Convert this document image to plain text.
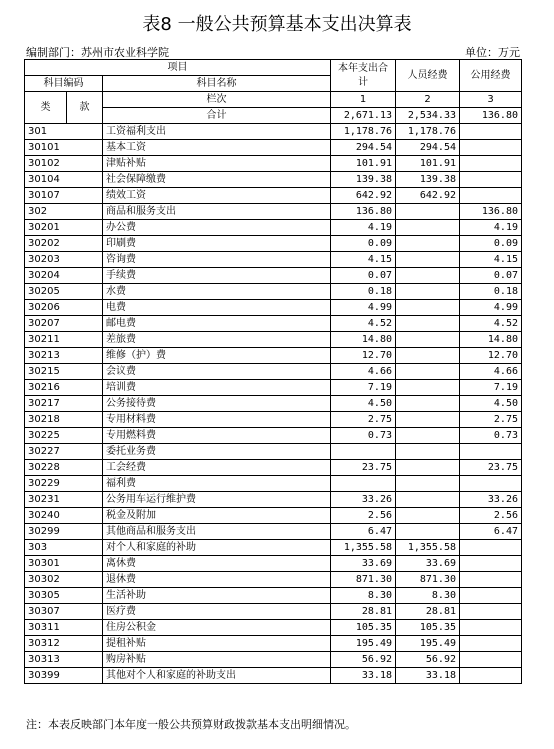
表8 一般公共预算基本支出决算表
编制部门：苏州市农业科学院	单位：万元
项目			本年支出合计	人员经费	公用经费
科目编码		科目名称			
类	款	栏次	1	2	3
		合计	2,671.13	2,534.33	136.80
301		工资福利支出	1,178.76	1,178.76	
30101		基本工资	294.54	294.54	
30102		津贴补贴	101.91	101.91	
30104		社会保障缴费	139.38	139.38	
30107		绩效工资	642.92	642.92	
302		商品和服务支出	136.80		136.80
30201		办公费	4.19		4.19
30202		印刷费	0.09		0.09
30203		咨询费	4.15		4.15
30204		手续费	0.07		0.07
30205		水费	0.18		0.18
30206		电费	4.99		4.99
30207		邮电费	4.52		4.52
30211		差旅费	14.80		14.80
30213		维修（护）费	12.70		12.70
30215		会议费	4.66		4.66
30216		培训费	7.19		7.19
30217		公务接待费	4.50		4.50
30218		专用材料费	2.75		2.75
30225		专用燃料费	0.73		0.73
30227		委托业务费			
30228		工会经费	23.75		23.75
30229		福利费			
30231		公务用车运行维护费	33.26		33.26
30240		税金及附加	2.56		2.56
30299		其他商品和服务支出	6.47		6.47
303		对个人和家庭的补助	1,355.58	1,355.58	
30301		离休费	33.69	33.69	
30302		退休费	871.30	871.30	
30305		生活补助	8.30	8.30	
30307		医疗费	28.81	28.81	
30311		住房公积金	105.35	105.35	
30312		提租补贴	195.49	195.49	
30313		购房补贴	56.92	56.92	
30399		其他对个人和家庭的补助支出	33.18	33.18	
注：本表反映部门本年度一般公共预算财政拨款基本支出明细情况。
